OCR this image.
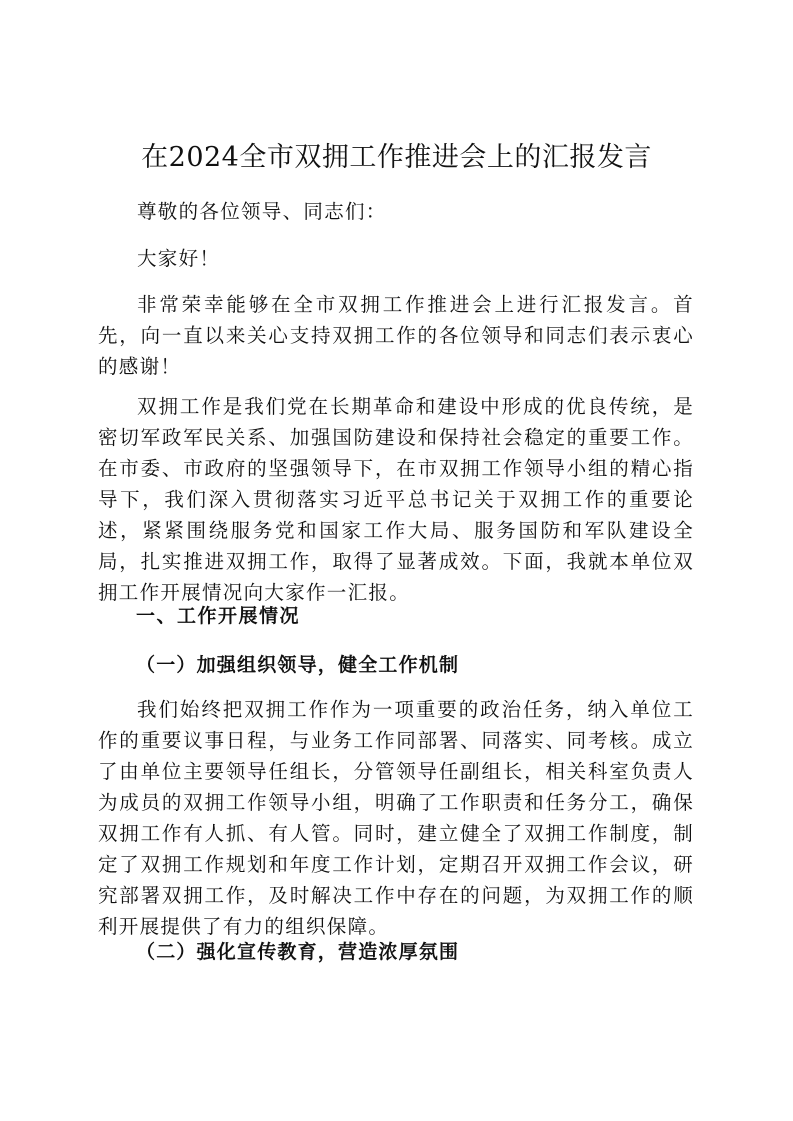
在2024全市双拥工作推进会上的汇报发言

尊敬的各位领导、同志们：

大家好！

非常荣幸能够在全市双拥工作推进会上进行汇报发言。首先，向一直以来关心支持双拥工作的各位领导和同志们表示衷心的感谢！

双拥工作是我们党在长期革命和建设中形成的优良传统，是密切军政军民关系、加强国防建设和保持社会稳定的重要工作。在市委、市政府的坚强领导下，在市双拥工作领导小组的精心指导下，我们深入贯彻落实习近平总书记关于双拥工作的重要论述，紧紧围绕服务党和国家工作大局、服务国防和军队建设全局，扎实推进双拥工作，取得了显著成效。下面，我就本单位双拥工作开展情况向大家作一汇报。

一、工作开展情况
（一）加强组织领导，健全工作机制

我们始终把双拥工作作为一项重要的政治任务，纳入单位工作的重要议事日程，与业务工作同部署、同落实、同考核。成立了由单位主要领导任组长，分管领导任副组长，相关科室负责人为成员的双拥工作领导小组，明确了工作职责和任务分工，确保双拥工作有人抓、有人管。同时，建立健全了双拥工作制度，制定了双拥工作规划和年度工作计划，定期召开双拥工作会议，研究部署双拥工作，及时解决工作中存在的问题，为双拥工作的顺利开展提供了有力的组织保障。

（二）强化宣传教育，营造浓厚氛围
